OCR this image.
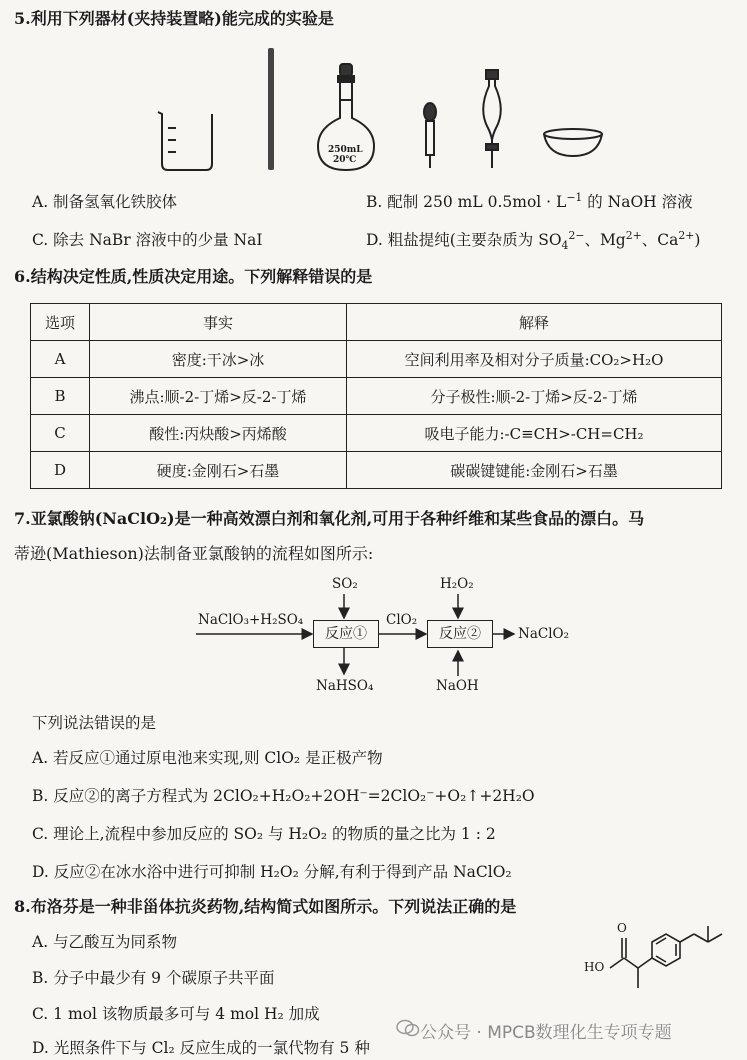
5.利用下列器材(夹持装置略)能完成的实验是
250mL
20℃
A. 制备氢氧化铁胶体	B. 配制 250 mL $0.5mol \cdot L^{-1}$ 的 NaOH 溶液
C. 除去 NaBr 溶液中的少量 NaI	D. 粗盐提纯(主要杂质为 $SO_4^{2-}$、$Mg^{2+}$、$Ca^{2+}$)
6.结构决定性质,性质决定用途。下列解释错误的是
选项	事实	解释
A	密度:干冰>冰	空间利用率及相对分子质量:CO₂>H₂O
B	沸点:顺-2-丁烯>反-2-丁烯	分子极性:顺-2-丁烯>反-2-丁烯
C	酸性:丙炔酸>丙烯酸	吸电子能力:-C≡CH>-CH=CH₂
D	硬度:金刚石>石墨	碳碳键键能:金刚石>石墨
7.亚氯酸钠(NaClO₂)是一种高效漂白剂和氧化剂,可用于各种纤维和某些食品的漂白。马
蒂逊(Mathieson)法制备亚氯酸钠的流程如图所示:
NaClO₃+H₂SO₄
SO₂
ClO₂
H₂O₂
反应①	反应②	NaClO₂
NaHSO₄	NaOH
下列说法错误的是
A. 若反应①通过原电池来实现,则 ClO₂ 是正极产物
B. 反应②的离子方程式为 2ClO₂+H₂O₂+2OH⁻=2ClO₂⁻+O₂↑+2H₂O
C. 理论上,流程中参加反应的 SO₂ 与 H₂O₂ 的物质的量之比为 1 : 2
D. 反应②在冰水浴中进行可抑制 H₂O₂ 分解,有利于得到产品 NaClO₂
8.布洛芬是一种非甾体抗炎药物,结构简式如图所示。下列说法正确的是
A. 与乙酸互为同系物
B. 分子中最少有 9 个碳原子共平面
C. 1 mol 该物质最多可与 4 mol H₂ 加成
D. 光照条件下与 Cl₂ 反应生成的一氯代物有 5 种
O
HO
公众号 · MPCB数理化生专项专题
